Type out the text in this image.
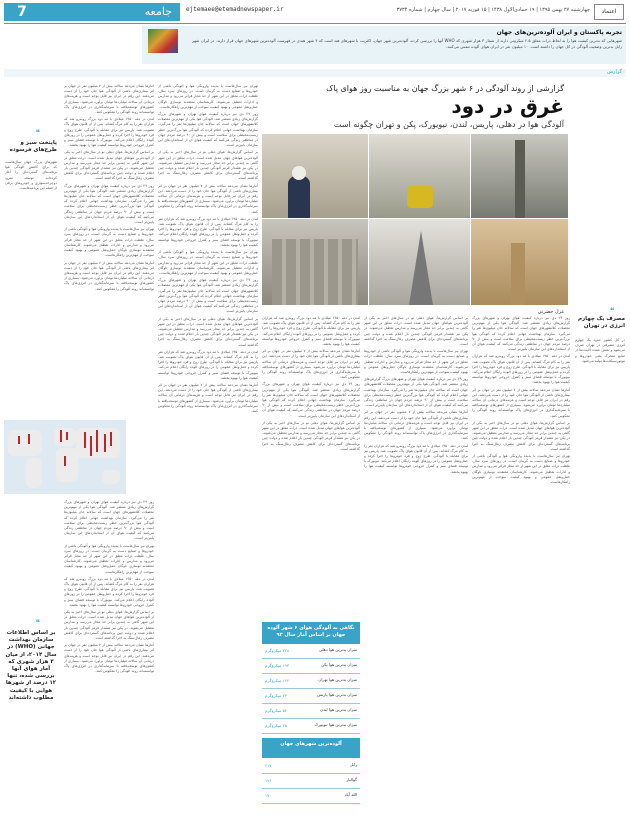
7	جامعه	ejtemaee@etemadnewspaper.ir	چهارشنبه ۲۷ بهمن ۱۳۹۵ | ۱۹ جمادی‌الاول ۱۴۳۸ | ۱۵ فوریه ۲۰۱۷ | سال چهارم | شماره ۳۷۳۴	اعتماد
تجربه پاکستان و ایران آلوده‌ترین‌های جهان
شهرهایی که بدترین کیفیت هوا را به لحاظ ذرات معلق ۲.۵ میکرونی دارند از شمار ۳ هزار شهری که WHO آنها را بررسی کرده، آلوده‌ترین شهر جهان، اکثریت با شهرهای هند است که ۴ شهر هندی در فهرست آلوده‌ترین شهرهای جهان قرار دارند. در ایران شهر زابل بدترین وضعیت آلودگی در کل جهان را داشته است. ۱۰ میلیون نفر در ایران هوای آلوده تنفس می‌کنند.
گزارش
گزارشی از روند آلودگی در ۶ شهر بزرگ جهان به مناسبت روز هوای پاک
غرق در دود
آلودگی هوا در دهلی، پاریس، لندن، نیویورک، پکن و تهران چگونه است
غزل حضرتی

روز ۲۹ دی نیز درباره کیفیت هوای تهران و شهرهای بزرگ گزارش‌های زیادی منتشر شد. آلودگی هوا یکی از مهم‌ترین معضلات کلانشهرهای جهان است که سالانه جان میلیون‌ها نفر را می‌گیرد. سازمان بهداشت جهانی اعلام کرده که آلودگی هوا بزرگ‌ترین خطر زیست‌محیطی برای سلامت است و بیش از ۹۰ درصد مردم جهان در مناطقی زندگی می‌کنند که کیفیت هوای آن از استانداردهای این سازمان پایین‌تر است.

لندن در دهه ۱۹۵۰ میلادی با مه دود بزرگ روبه‌رو شد که هزاران نفر را به کام مرگ کشاند. پس از آن قانون هوای پاک تصویب شد. پاریس نیز برای مقابله با آلودگی، طرح زوج و فرد خودروها را اجرا کرده و حمل‌ونقل عمومی را در روزهای آلوده رایگان اعلام می‌کند. نیویورک با توسعه فضای سبز و کنترل خروجی خودروها توانسته کیفیت هوا را بهبود بخشد.

آمارها نشان می‌دهد سالانه بیش از ۷ میلیون نفر در جهان بر اثر بیماری‌های ناشی از آلودگی هوا جان خود را از دست می‌دهند. این رقم در ایران نیز قابل توجه است و هزینه‌های درمانی آن سالانه میلیاردها تومان برآورد می‌شود. بسیاری از کشورهای توسعه‌یافته با سرمایه‌گذاری در انرژی‌های پاک توانسته‌اند روند آلودگی را معکوس کنند.

بر اساس گزارش‌ها، هوای دهلی نو در سال‌های اخیر به یکی از آلوده‌ترین هواهای جهان تبدیل شده است. ذرات معلق در این شهر گاهی به چندین برابر حد مجاز می‌رسد و مدارس تعطیل می‌شوند. در پکن نیز هشدار قرمز آلودگی چندین بار اعلام شده و دولت چین برنامه‌های گسترده‌ای برای کاهش مصرف زغال‌سنگ به اجرا گذاشته است.

تهران نیز سال‌هاست با پدیده وارونگی هوا و آلودگی ناشی از خودروها و صنایع دست به گریبان است. در روزهای سرد سال، غلظت ذرات معلق در این شهر از حد مجاز فراتر می‌رود و مدارس و ادارات تعطیل می‌شوند. کارشناسان معتقدند نوسازی ناوگان حمل‌ونقل عمومی و بهبود کیفیت سوخت از مهم‌ترین راهکارهاست.

بر اساس گزارش‌ها، هوای دهلی نو در سال‌های اخیر به یکی از آلوده‌ترین هواهای جهان تبدیل شده است. ذرات معلق در این شهر گاهی به چندین برابر حد مجاز می‌رسد و مدارس تعطیل می‌شوند. در پکن نیز هشدار قرمز آلودگی چندین بار اعلام شده و دولت چین برنامه‌های گسترده‌ای برای کاهش مصرف زغال‌سنگ به اجرا گذاشته است.

تهران نیز سال‌هاست با پدیده وارونگی هوا و آلودگی ناشی از خودروها و صنایع دست به گریبان است. در روزهای سرد سال، غلظت ذرات معلق در این شهر از حد مجاز فراتر می‌رود و مدارس و ادارات تعطیل می‌شوند. کارشناسان معتقدند نوسازی ناوگان حمل‌ونقل عمومی و بهبود کیفیت سوخت از مهم‌ترین راهکارهاست.

روز ۲۹ دی نیز درباره کیفیت هوای تهران و شهرهای بزرگ گزارش‌های زیادی منتشر شد. آلودگی هوا یکی از مهم‌ترین معضلات کلانشهرهای جهان است که سالانه جان میلیون‌ها نفر را می‌گیرد. سازمان بهداشت جهانی اعلام کرده که آلودگی هوا بزرگ‌ترین خطر زیست‌محیطی برای سلامت است و بیش از ۹۰ درصد مردم جهان در مناطقی زندگی می‌کنند که کیفیت هوای آن از استانداردهای این سازمان پایین‌تر است.

آمارها نشان می‌دهد سالانه بیش از ۷ میلیون نفر در جهان بر اثر بیماری‌های ناشی از آلودگی هوا جان خود را از دست می‌دهند. این رقم در ایران نیز قابل توجه است و هزینه‌های درمانی آن سالانه میلیاردها تومان برآورد می‌شود. بسیاری از کشورهای توسعه‌یافته با سرمایه‌گذاری در انرژی‌های پاک توانسته‌اند روند آلودگی را معکوس کنند.

لندن در دهه ۱۹۵۰ میلادی با مه دود بزرگ روبه‌رو شد که هزاران نفر را به کام مرگ کشاند. پس از آن قانون هوای پاک تصویب شد. پاریس نیز برای مقابله با آلودگی، طرح زوج و فرد خودروها را اجرا کرده و حمل‌ونقل عمومی را در روزهای آلوده رایگان اعلام می‌کند. نیویورک با توسعه فضای سبز و کنترل خروجی خودروها توانسته کیفیت هوا را بهبود بخشد.

لندن در دهه ۱۹۵۰ میلادی با مه دود بزرگ روبه‌رو شد که هزاران نفر را به کام مرگ کشاند. پس از آن قانون هوای پاک تصویب شد. پاریس نیز برای مقابله با آلودگی، طرح زوج و فرد خودروها را اجرا کرده و حمل‌ونقل عمومی را در روزهای آلوده رایگان اعلام می‌کند. نیویورک با توسعه فضای سبز و کنترل خروجی خودروها توانسته کیفیت هوا را بهبود بخشد.

آمارها نشان می‌دهد سالانه بیش از ۷ میلیون نفر در جهان بر اثر بیماری‌های ناشی از آلودگی هوا جان خود را از دست می‌دهند. این رقم در ایران نیز قابل توجه است و هزینه‌های درمانی آن سالانه میلیاردها تومان برآورد می‌شود. بسیاری از کشورهای توسعه‌یافته با سرمایه‌گذاری در انرژی‌های پاک توانسته‌اند روند آلودگی را معکوس کنند.

روز ۲۹ دی نیز درباره کیفیت هوای تهران و شهرهای بزرگ گزارش‌های زیادی منتشر شد. آلودگی هوا یکی از مهم‌ترین معضلات کلانشهرهای جهان است که سالانه جان میلیون‌ها نفر را می‌گیرد. سازمان بهداشت جهانی اعلام کرده که آلودگی هوا بزرگ‌ترین خطر زیست‌محیطی برای سلامت است و بیش از ۹۰ درصد مردم جهان در مناطقی زندگی می‌کنند که کیفیت هوای آن از استانداردهای این سازمان پایین‌تر است.

بر اساس گزارش‌ها، هوای دهلی نو در سال‌های اخیر به یکی از آلوده‌ترین هواهای جهان تبدیل شده است. ذرات معلق در این شهر گاهی به چندین برابر حد مجاز می‌رسد و مدارس تعطیل می‌شوند. در پکن نیز هشدار قرمز آلودگی چندین بار اعلام شده و دولت چین برنامه‌های گسترده‌ای برای کاهش مصرف زغال‌سنگ به اجرا گذاشته است.

تهران نیز سال‌هاست با پدیده وارونگی هوا و آلودگی ناشی از خودروها و صنایع دست به گریبان است. در روزهای سرد سال، غلظت ذرات معلق در این شهر از حد مجاز فراتر می‌رود و مدارس و ادارات تعطیل می‌شوند. کارشناسان معتقدند نوسازی ناوگان حمل‌ونقل عمومی و بهبود کیفیت سوخت از مهم‌ترین راهکارهاست.

روز ۲۹ دی نیز درباره کیفیت هوای تهران و شهرهای بزرگ گزارش‌های زیادی منتشر شد. آلودگی هوا یکی از مهم‌ترین معضلات کلانشهرهای جهان است که سالانه جان میلیون‌ها نفر را می‌گیرد. سازمان بهداشت جهانی اعلام کرده که آلودگی هوا بزرگ‌ترین خطر زیست‌محیطی برای سلامت است و بیش از ۹۰ درصد مردم جهان در مناطقی زندگی می‌کنند که کیفیت هوای آن از استانداردهای این سازمان پایین‌تر است.

بر اساس گزارش‌ها، هوای دهلی نو در سال‌های اخیر به یکی از آلوده‌ترین هواهای جهان تبدیل شده است. ذرات معلق در این شهر گاهی به چندین برابر حد مجاز می‌رسد و مدارس تعطیل می‌شوند. در پکن نیز هشدار قرمز آلودگی چندین بار اعلام شده و دولت چین برنامه‌های گسترده‌ای برای کاهش مصرف زغال‌سنگ به اجرا گذاشته است.

آمارها نشان می‌دهد سالانه بیش از ۷ میلیون نفر در جهان بر اثر بیماری‌های ناشی از آلودگی هوا جان خود را از دست می‌دهند. این رقم در ایران نیز قابل توجه است و هزینه‌های درمانی آن سالانه میلیاردها تومان برآورد می‌شود. بسیاری از کشورهای توسعه‌یافته با سرمایه‌گذاری در انرژی‌های پاک توانسته‌اند روند آلودگی را معکوس کنند.

لندن در دهه ۱۹۵۰ میلادی با مه دود بزرگ روبه‌رو شد که هزاران نفر را به کام مرگ کشاند. پس از آن قانون هوای پاک تصویب شد. پاریس نیز برای مقابله با آلودگی، طرح زوج و فرد خودروها را اجرا کرده و حمل‌ونقل عمومی را در روزهای آلوده رایگان اعلام می‌کند. نیویورک با توسعه فضای سبز و کنترل خروجی خودروها توانسته کیفیت هوا را بهبود بخشد.

تهران نیز سال‌هاست با پدیده وارونگی هوا و آلودگی ناشی از خودروها و صنایع دست به گریبان است. در روزهای سرد سال، غلظت ذرات معلق در این شهر از حد مجاز فراتر می‌رود و مدارس و ادارات تعطیل می‌شوند. کارشناسان معتقدند نوسازی ناوگان حمل‌ونقل عمومی و بهبود کیفیت سوخت از مهم‌ترین راهکارهاست.

روز ۲۹ دی نیز درباره کیفیت هوای تهران و شهرهای بزرگ گزارش‌های زیادی منتشر شد. آلودگی هوا یکی از مهم‌ترین معضلات کلانشهرهای جهان است که سالانه جان میلیون‌ها نفر را می‌گیرد. سازمان بهداشت جهانی اعلام کرده که آلودگی هوا بزرگ‌ترین خطر زیست‌محیطی برای سلامت است و بیش از ۹۰ درصد مردم جهان در مناطقی زندگی می‌کنند که کیفیت هوای آن از استانداردهای این سازمان پایین‌تر است.

بر اساس گزارش‌ها، هوای دهلی نو در سال‌های اخیر به یکی از آلوده‌ترین هواهای جهان تبدیل شده است. ذرات معلق در این شهر گاهی به چندین برابر حد مجاز می‌رسد و مدارس تعطیل می‌شوند. در پکن نیز هشدار قرمز آلودگی چندین بار اعلام شده و دولت چین برنامه‌های گسترده‌ای برای کاهش مصرف زغال‌سنگ به اجرا گذاشته است.

لندن در دهه ۱۹۵۰ میلادی با مه دود بزرگ روبه‌رو شد که هزاران نفر را به کام مرگ کشاند. پس از آن قانون هوای پاک تصویب شد. پاریس نیز برای مقابله با آلودگی، طرح زوج و فرد خودروها را اجرا کرده و حمل‌ونقل عمومی را در روزهای آلوده رایگان اعلام می‌کند. نیویورک با توسعه فضای سبز و کنترل خروجی خودروها توانسته کیفیت هوا را بهبود بخشد.

آمارها نشان می‌دهد سالانه بیش از ۷ میلیون نفر در جهان بر اثر بیماری‌های ناشی از آلودگی هوا جان خود را از دست می‌دهند. این رقم در ایران نیز قابل توجه است و هزینه‌های درمانی آن سالانه میلیاردها تومان برآورد می‌شود. بسیاری از کشورهای توسعه‌یافته با سرمایه‌گذاری در انرژی‌های پاک توانسته‌اند روند آلودگی را معکوس کنند.

آمارها نشان می‌دهد سالانه بیش از ۷ میلیون نفر در جهان بر اثر بیماری‌های ناشی از آلودگی هوا جان خود را از دست می‌دهند. این رقم در ایران نیز قابل توجه است و هزینه‌های درمانی آن سالانه میلیاردها تومان برآورد می‌شود. بسیاری از کشورهای توسعه‌یافته با سرمایه‌گذاری در انرژی‌های پاک توانسته‌اند روند آلودگی را معکوس کنند.

لندن در دهه ۱۹۵۰ میلادی با مه دود بزرگ روبه‌رو شد که هزاران نفر را به کام مرگ کشاند. پس از آن قانون هوای پاک تصویب شد. پاریس نیز برای مقابله با آلودگی، طرح زوج و فرد خودروها را اجرا کرده و حمل‌ونقل عمومی را در روزهای آلوده رایگان اعلام می‌کند. نیویورک با توسعه فضای سبز و کنترل خروجی خودروها توانسته کیفیت هوا را بهبود بخشد.

بر اساس گزارش‌ها، هوای دهلی نو در سال‌های اخیر به یکی از آلوده‌ترین هواهای جهان تبدیل شده است. ذرات معلق در این شهر گاهی به چندین برابر حد مجاز می‌رسد و مدارس تعطیل می‌شوند. در پکن نیز هشدار قرمز آلودگی چندین بار اعلام شده و دولت چین برنامه‌های گسترده‌ای برای کاهش مصرف زغال‌سنگ به اجرا گذاشته است.

روز ۲۹ دی نیز درباره کیفیت هوای تهران و شهرهای بزرگ گزارش‌های زیادی منتشر شد. آلودگی هوا یکی از مهم‌ترین معضلات کلانشهرهای جهان است که سالانه جان میلیون‌ها نفر را می‌گیرد. سازمان بهداشت جهانی اعلام کرده که آلودگی هوا بزرگ‌ترین خطر زیست‌محیطی برای سلامت است و بیش از ۹۰ درصد مردم جهان در مناطقی زندگی می‌کنند که کیفیت هوای آن از استانداردهای این سازمان پایین‌تر است.

تهران نیز سال‌هاست با پدیده وارونگی هوا و آلودگی ناشی از خودروها و صنایع دست به گریبان است. در روزهای سرد سال، غلظت ذرات معلق در این شهر از حد مجاز فراتر می‌رود و مدارس و ادارات تعطیل می‌شوند. کارشناسان معتقدند نوسازی ناوگان حمل‌ونقل عمومی و بهبود کیفیت سوخت از مهم‌ترین راهکارهاست.

آمارها نشان می‌دهد سالانه بیش از ۷ میلیون نفر در جهان بر اثر بیماری‌های ناشی از آلودگی هوا جان خود را از دست می‌دهند. این رقم در ایران نیز قابل توجه است و هزینه‌های درمانی آن سالانه میلیاردها تومان برآورد می‌شود. بسیاری از کشورهای توسعه‌یافته با سرمایه‌گذاری در انرژی‌های پاک توانسته‌اند روند آلودگی را معکوس کنند.

روز ۲۹ دی نیز درباره کیفیت هوای تهران و شهرهای بزرگ گزارش‌های زیادی منتشر شد. آلودگی هوا یکی از مهم‌ترین معضلات کلانشهرهای جهان است که سالانه جان میلیون‌ها نفر را می‌گیرد. سازمان بهداشت جهانی اعلام کرده که آلودگی هوا بزرگ‌ترین خطر زیست‌محیطی برای سلامت است و بیش از ۹۰ درصد مردم جهان در مناطقی زندگی می‌کنند که کیفیت هوای آن از استانداردهای این سازمان پایین‌تر است.

تهران نیز سال‌هاست با پدیده وارونگی هوا و آلودگی ناشی از خودروها و صنایع دست به گریبان است. در روزهای سرد سال، غلظت ذرات معلق در این شهر از حد مجاز فراتر می‌رود و مدارس و ادارات تعطیل می‌شوند. کارشناسان معتقدند نوسازی ناوگان حمل‌ونقل عمومی و بهبود کیفیت سوخت از مهم‌ترین راهکارهاست.

لندن در دهه ۱۹۵۰ میلادی با مه دود بزرگ روبه‌رو شد که هزاران نفر را به کام مرگ کشاند. پس از آن قانون هوای پاک تصویب شد. پاریس نیز برای مقابله با آلودگی، طرح زوج و فرد خودروها را اجرا کرده و حمل‌ونقل عمومی را در روزهای آلوده رایگان اعلام می‌کند. نیویورک با توسعه فضای سبز و کنترل خروجی خودروها توانسته کیفیت هوا را بهبود بخشد.

بر اساس گزارش‌ها، هوای دهلی نو در سال‌های اخیر به یکی از آلوده‌ترین هواهای جهان تبدیل شده است. ذرات معلق در این شهر گاهی به چندین برابر حد مجاز می‌رسد و مدارس تعطیل می‌شوند. در پکن نیز هشدار قرمز آلودگی چندین بار اعلام شده و دولت چین برنامه‌های گسترده‌ای برای کاهش مصرف زغال‌سنگ به اجرا گذاشته است.

آمارها نشان می‌دهد سالانه بیش از ۷ میلیون نفر در جهان بر اثر بیماری‌های ناشی از آلودگی هوا جان خود را از دست می‌دهند. این رقم در ایران نیز قابل توجه است و هزینه‌های درمانی آن سالانه میلیاردها تومان برآورد می‌شود. بسیاری از کشورهای توسعه‌یافته با سرمایه‌گذاری در انرژی‌های پاک توانسته‌اند روند آلودگی را معکوس کنند.

❝
مصرف یک چهارم انرژی در تهران
در کل کشور حدود یک چهارم انرژی مصرفی در تهران صرف می‌شود و بخش عمده آلاینده‌ها از منابع متحرک یعنی خودروها و موتورسیکلت‌ها تولید می‌شود.
❝
پایتخت سبز و طرح‌های فرسوده
شهرهای بزرگ جهان سال‌هاست که برای کاهش آلودگی هوا برنامه‌های گسترده‌ای را آغاز کرده‌اند. توسعه مترو، دوچرخه‌سواری و خودروهای برقی از جمله این برنامه‌هاست.
❝
بر اساس اطلاعات سازمان بهداشت جهانی (WHO) در سال ۲۰۱۴، از میان ۳ هزار شهری که آمار هوای آنها بررسی شده، تنها ۱۲ درصد از شهرها هوایی با کیفیت مطلوب داشته‌اند
نگاهی به آلودگی هوای ۶ شهر آلوده جهان بر اساس آمار سال ۹۳
میزان بدترین هوا دهلی
۲۲۸ میکروگرم
میزان بدترین هوا پکن
۱۹۳ میکروگرم
میزان بدترین هوا تهران
۱۲۲ میکروگرم
میزان بدترین هوا پاریس
۷۳ میکروگرم
میزان بدترین هوا لندن
۵۲ میکروگرم
میزان بدترین هوا نیویورک
۴۵ میکروگرم
آلوده‌ترین شهرهای جهان
زابل
۲۱۷
گوالیار
۱۷۶
الله آباد
۱۷۰
